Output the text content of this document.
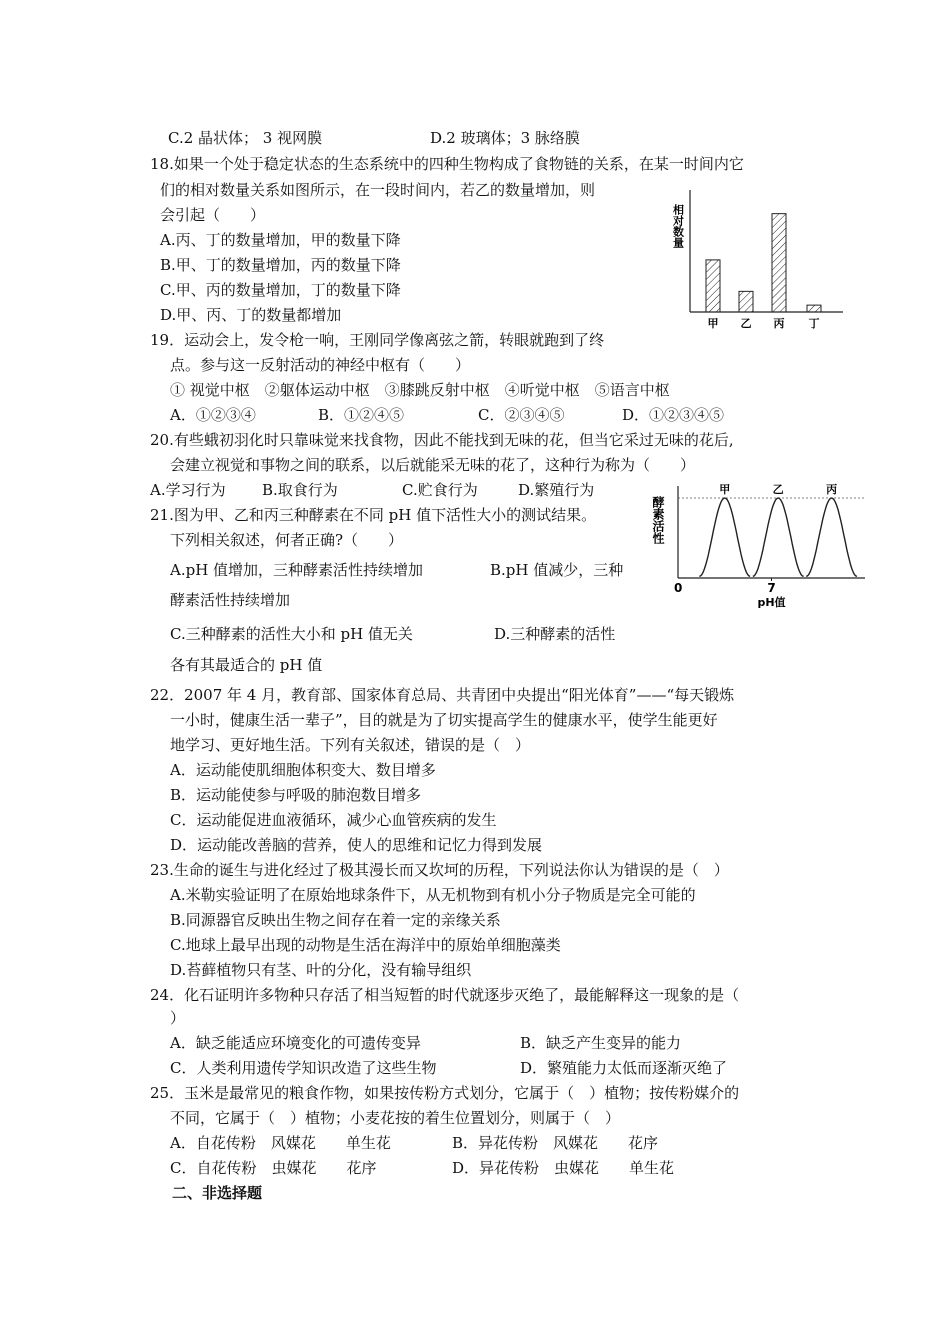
C.2 晶状体； 3 视网膜	D.2 玻璃体；3 脉络膜
18.如果一个处于稳定状态的生态系统中的四种生物构成了食物链的关系，在某一时间内它
们的相对数量关系如图所示，在一段时间内，若乙的数量增加，则
会引起（　　）
A.丙、丁的数量增加，甲的数量下降
B.甲、丁的数量增加，丙的数量下降
C.甲、丙的数量增加，丁的数量下降
D.甲、丙、丁的数量都增加
相对数量
甲 乙 丙 丁
19．运动会上，发令枪一响，王刚同学像离弦之箭，转眼就跑到了终
点。参与这一反射活动的神经中枢有（　　）
① 视觉中枢　②躯体运动中枢　③膝跳反射中枢　④听觉中枢　⑤语言中枢
A．①②③④	B．①②④⑤	C．②③④⑤	D．①②③④⑤
20.有些蛾初羽化时只靠味觉来找食物，因此不能找到无味的花，但当它采过无味的花后,
会建立视觉和事物之间的联系，以后就能采无味的花了，这种行为称为（　　）
A.学习行为 B.取食行为	C.贮食行为	D.繁殖行为
21.图为甲、乙和丙三种酵素在不同 pH 值下活性大小的测试结果。
下列相关叙述，何者正确?（　　）
A.pH 值增加，三种酵素活性持续增加	B.pH 值减少，三种
酵素活性持续增加
C.三种酵素的活性大小和 pH 值无关	D.三种酵素的活性
各有其最适合的 pH 值
酵素活性
甲	乙	丙
0	7
pH值
22．2007 年 4 月，教育部、国家体育总局、共青团中央提出“阳光体育”——“每天锻炼
一小时，健康生活一辈子”，目的就是为了切实提高学生的健康水平，使学生能更好
地学习、更好地生活。下列有关叙述，错误的是（　）
A．运动能使肌细胞体积变大、数目增多
B．运动能使参与呼吸的肺泡数目增多
C．运动能促进血液循环，减少心血管疾病的发生
D．运动能改善脑的营养，使人的思维和记忆力得到发展
23.生命的诞生与进化经过了极其漫长而又坎坷的历程，下列说法你认为错误的是（　）
A.米勒实验证明了在原始地球条件下，从无机物到有机小分子物质是完全可能的
B.同源器官反映出生物之间存在着一定的亲缘关系
C.地球上最早出现的动物是生活在海洋中的原始单细胞藻类
D.苔藓植物只有茎、叶的分化，没有输导组织
24．化石证明许多物种只存活了相当短暂的时代就逐步灭绝了，最能解释这一现象的是（
）
A．缺乏能适应环境变化的可遗传变异	B．缺乏产生变异的能力
C．人类利用遗传学知识改造了这些生物	D．繁殖能力太低而逐渐灭绝了
25．玉米是最常见的粮食作物，如果按传粉方式划分，它属于（　）植物；按传粉媒介的
不同，它属于（　）植物；小麦花按的着生位置划分，则属于（　）
A．自花传粉　风媒花　　单生花	B．异花传粉　风媒花　　花序
C．自花传粉　虫媒花　　花序	D．异花传粉　虫媒花　　单生花
二、非选择题
